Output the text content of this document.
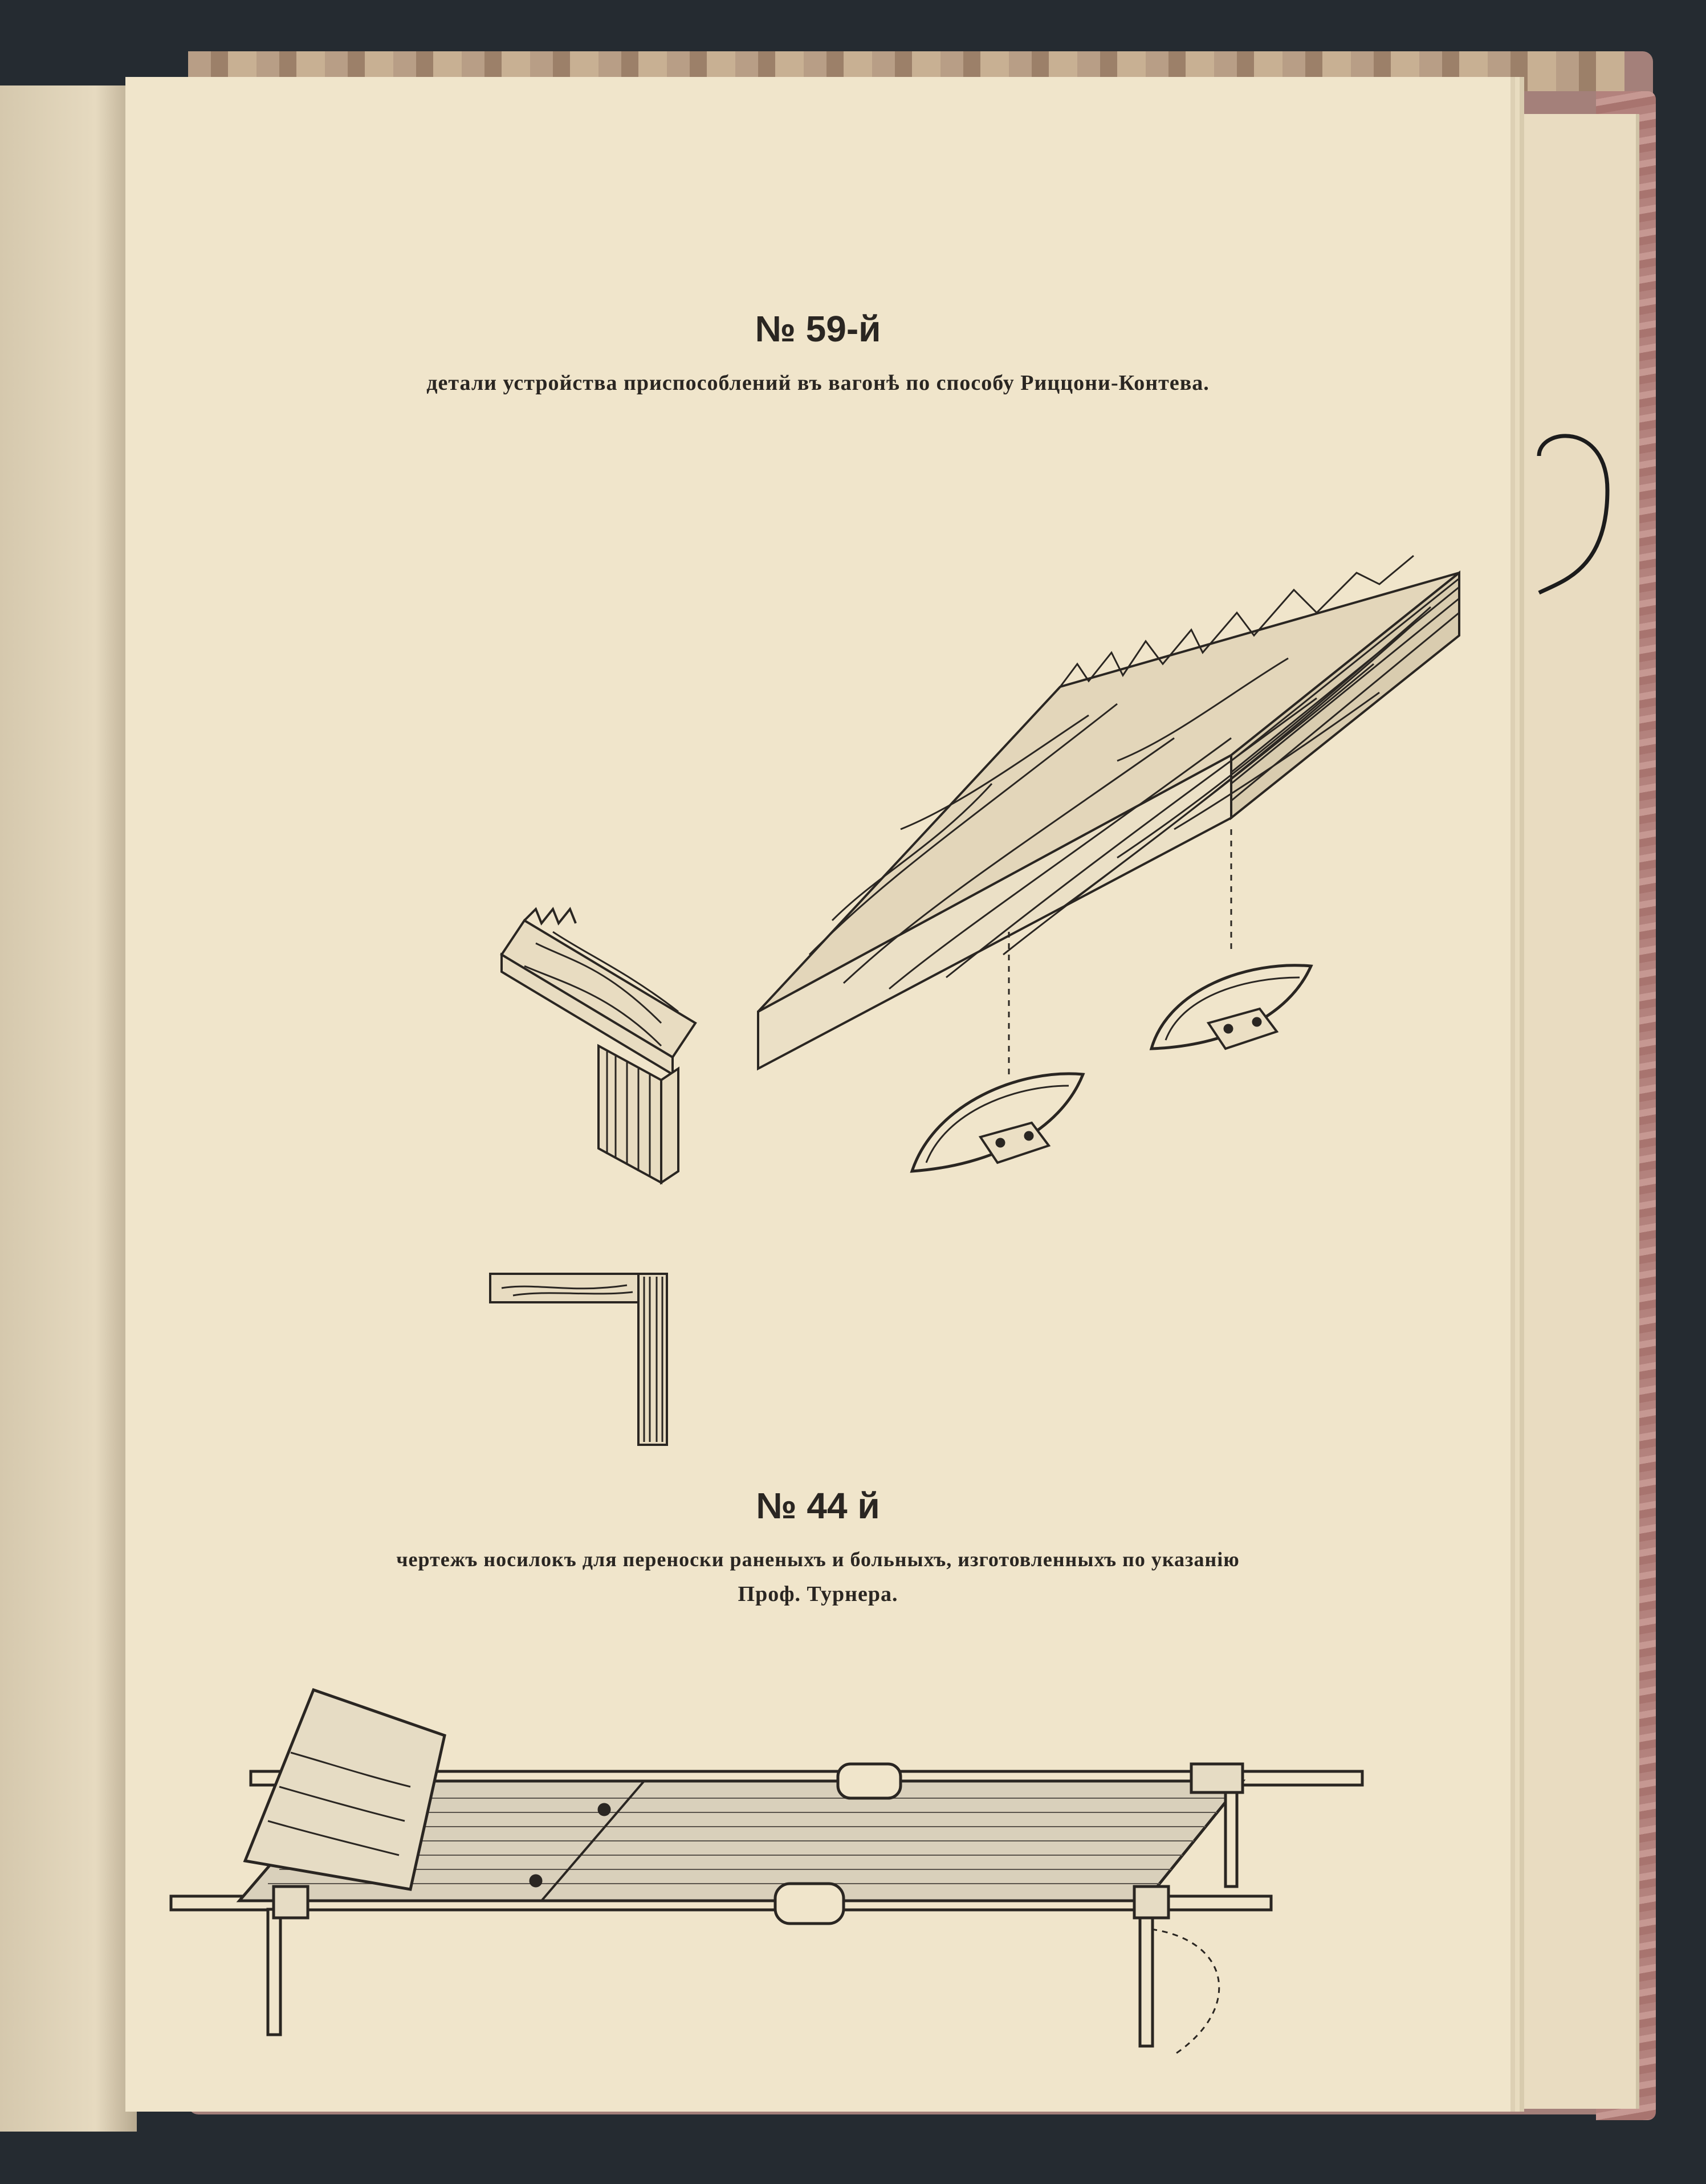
№ 59-й
детали устройства приспособлений въ вагонѣ по способу Риццони-Контева.
№ 44 й
чертежъ носилокъ для переноски раненыхъ и больныхъ, изготовленныхъ по указанію
Проф. Турнера.
